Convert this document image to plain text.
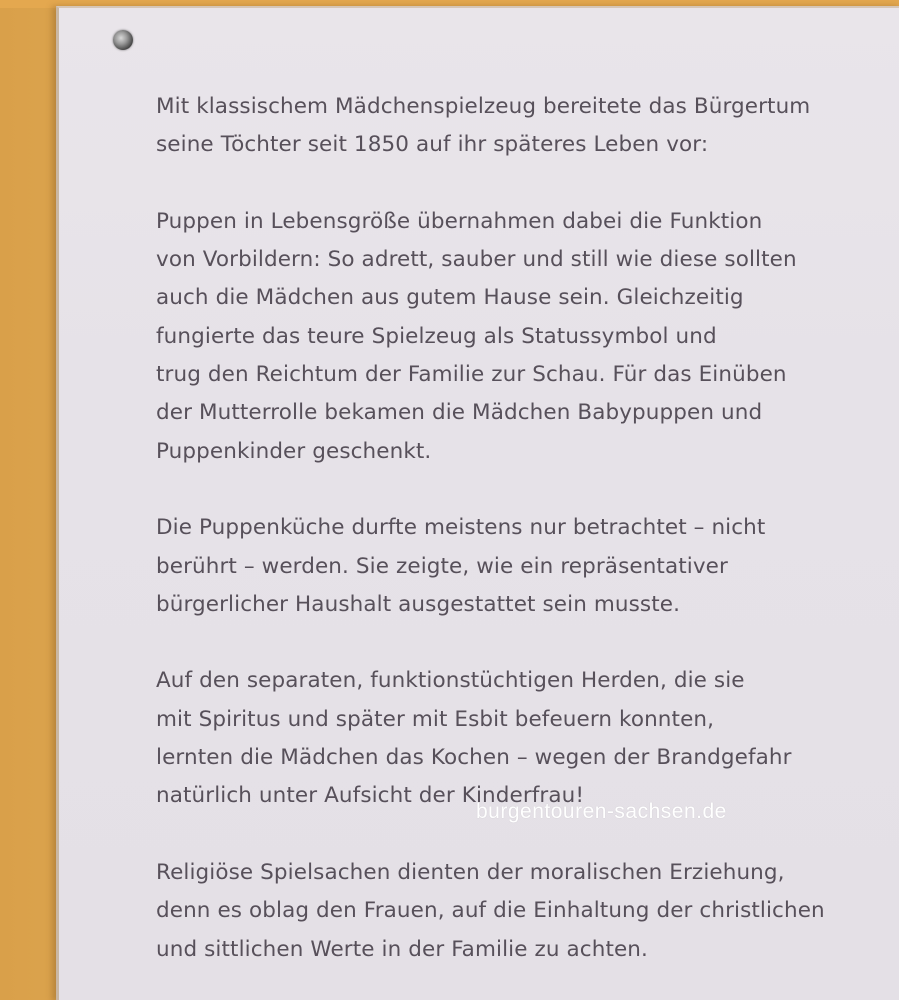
Mit klassischem Mädchenspielzeug bereitete das Bürgertum
seine Töchter seit 1850 auf ihr späteres Leben vor:

Puppen in Lebensgröße übernahmen dabei die Funktion
von Vorbildern: So adrett, sauber und still wie diese sollten
auch die Mädchen aus gutem Hause sein. Gleichzeitig
fungierte das teure Spielzeug als Statussymbol und
trug den Reichtum der Familie zur Schau. Für das Einüben
der Mutterrolle bekamen die Mädchen Babypuppen und
Puppenkinder geschenkt.

Die Puppenküche durfte meistens nur betrachtet – nicht
berührt – werden. Sie zeigte, wie ein repräsentativer
bürgerlicher Haushalt ausgestattet sein musste.

Auf den separaten, funktionstüchtigen Herden, die sie
mit Spiritus und später mit Esbit befeuern konnten,
lernten die Mädchen das Kochen – wegen der Brandgefahr
natürlich unter Aufsicht der Kinderfrau!

Religiöse Spielsachen dienten der moralischen Erziehung,
denn es oblag den Frauen, auf die Einhaltung der christlichen
und sittlichen Werte in der Familie zu achten.

burgentouren-sachsen.de
